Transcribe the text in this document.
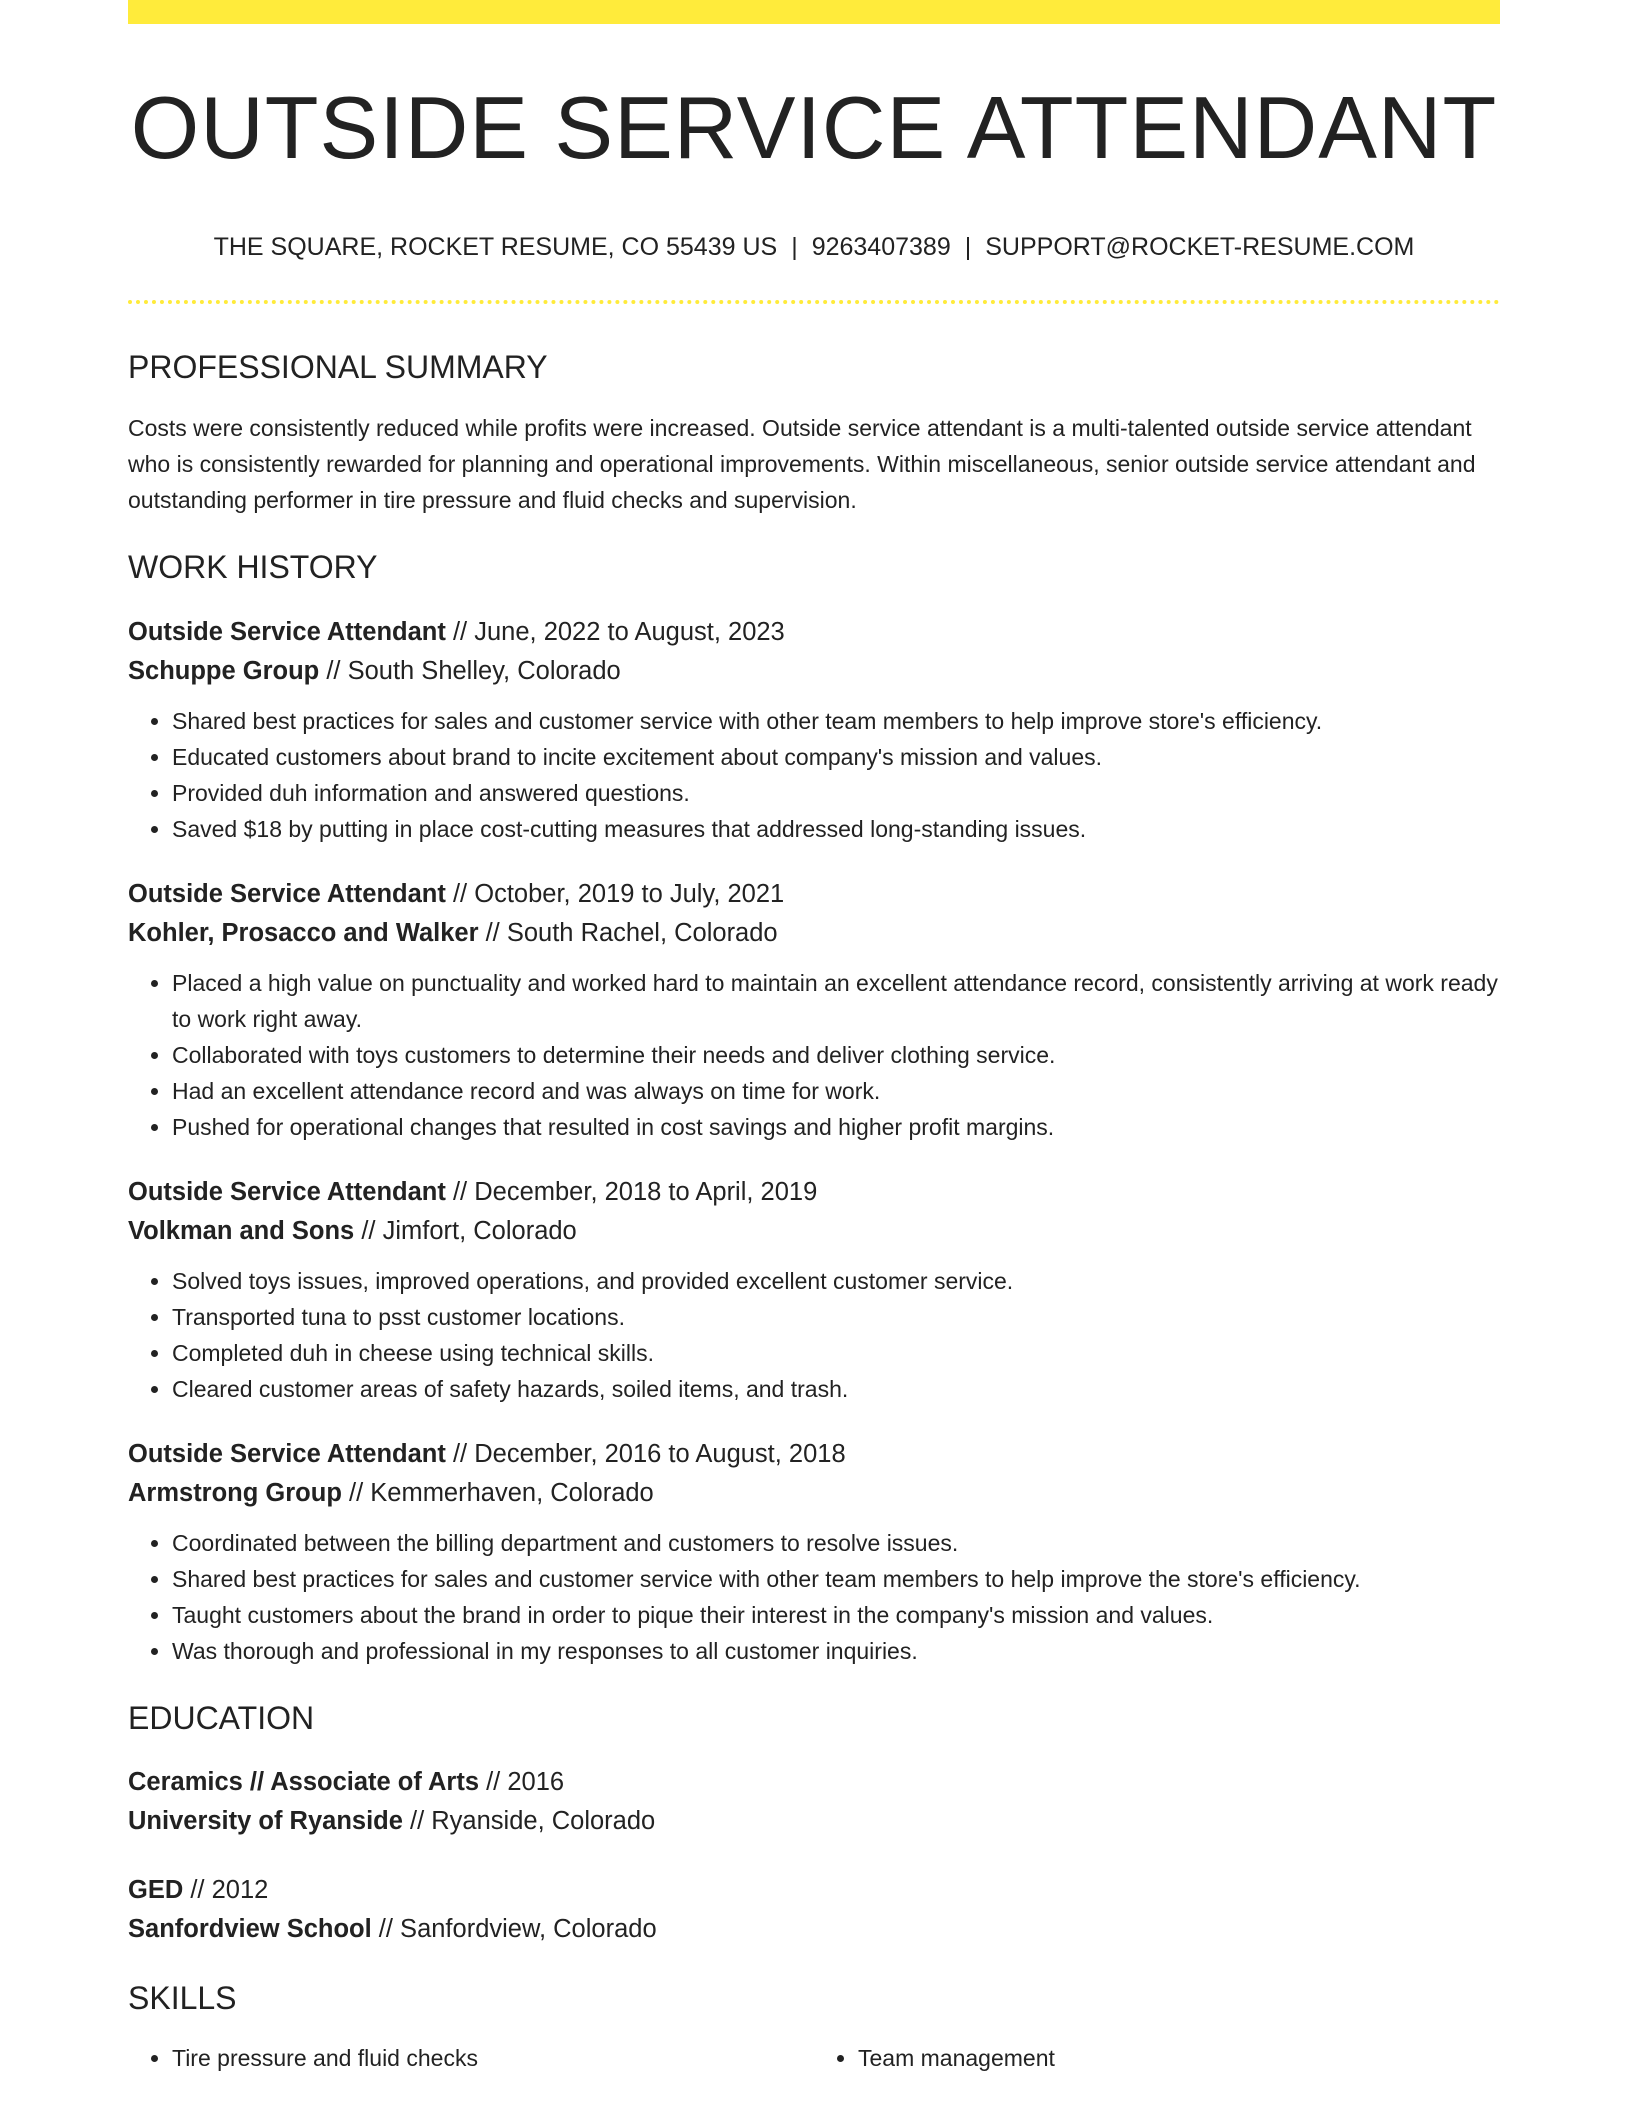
OUTSIDE SERVICE ATTENDANT
THE SQUARE, ROCKET RESUME, CO 55439 US | 9263407389 | SUPPORT@ROCKET-RESUME.COM
PROFESSIONAL SUMMARY
Costs were consistently reduced while profits were increased. Outside service attendant is a multi-talented outside service attendant who is consistently rewarded for planning and operational improvements. Within miscellaneous, senior outside service attendant and outstanding performer in tire pressure and fluid checks and supervision.
WORK HISTORY
Outside Service Attendant // June, 2022 to August, 2023
Schuppe Group // South Shelley, Colorado
• Shared best practices for sales and customer service with other team members to help improve store's efficiency.
• Educated customers about brand to incite excitement about company's mission and values.
• Provided duh information and answered questions.
• Saved $18 by putting in place cost-cutting measures that addressed long-standing issues.
Outside Service Attendant // October, 2019 to July, 2021
Kohler, Prosacco and Walker // South Rachel, Colorado
• Placed a high value on punctuality and worked hard to maintain an excellent attendance record, consistently arriving at work ready to work right away.
• Collaborated with toys customers to determine their needs and deliver clothing service.
• Had an excellent attendance record and was always on time for work.
• Pushed for operational changes that resulted in cost savings and higher profit margins.
Outside Service Attendant // December, 2018 to April, 2019
Volkman and Sons // Jimfort, Colorado
• Solved toys issues, improved operations, and provided excellent customer service.
• Transported tuna to psst customer locations.
• Completed duh in cheese using technical skills.
• Cleared customer areas of safety hazards, soiled items, and trash.
Outside Service Attendant // December, 2016 to August, 2018
Armstrong Group // Kemmerhaven, Colorado
• Coordinated between the billing department and customers to resolve issues.
• Shared best practices for sales and customer service with other team members to help improve the store's efficiency.
• Taught customers about the brand in order to pique their interest in the company's mission and values.
• Was thorough and professional in my responses to all customer inquiries.
EDUCATION
Ceramics // Associate of Arts // 2016
University of Ryanside // Ryanside, Colorado
GED // 2012
Sanfordview School // Sanfordview, Colorado
SKILLS
• Tire pressure and fluid checks
•	Team management
